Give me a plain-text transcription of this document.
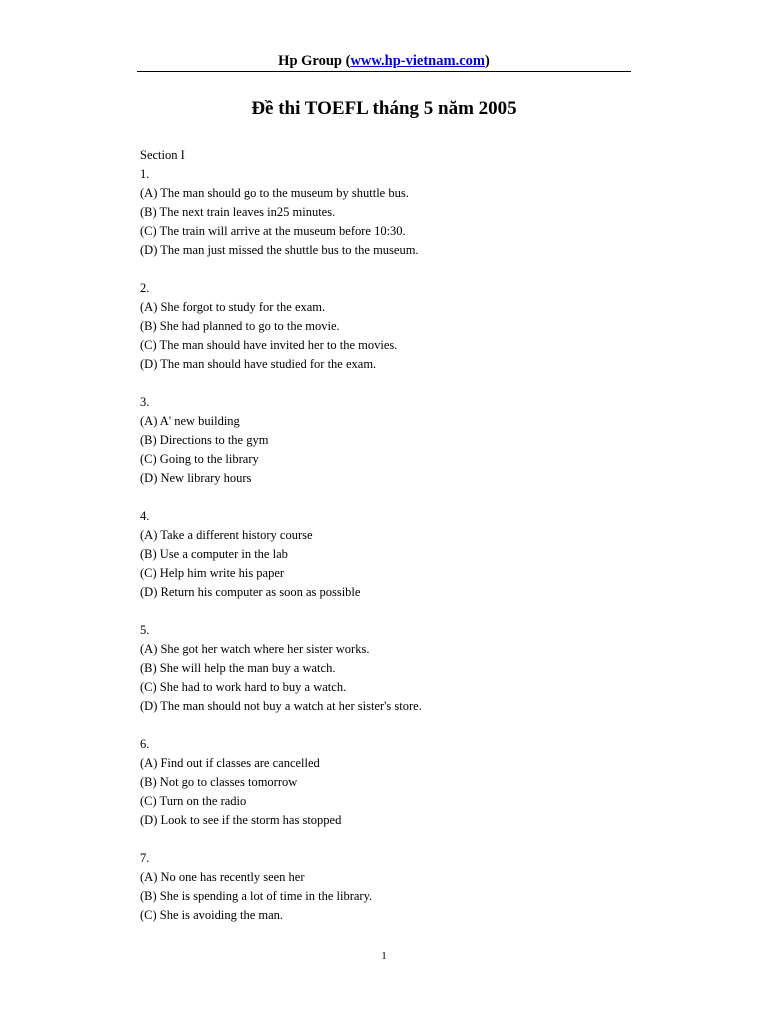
Hp Group (www.hp-vietnam.com)
Đề thi TOEFL tháng 5 năm 2005
Section I
1.
(A) The man should go to the museum by shuttle bus.
(B) The next train leaves in25 minutes.
(C) The train will arrive at the museum before 10:30.
(D) The man just missed the shuttle bus to the museum.
2.
(A) She forgot to study for the exam.
(B) She had planned to go to the movie.
(C) The man should have invited her to the movies.
(D) The man should have studied for the exam.
3.
(A) A' new building
(B) Directions to the gym
(C) Going to the library
(D) New library hours
4.
(A) Take a different history course
(B) Use a computer in the lab
(C) Help him write his paper
(D) Return his computer as soon as possible
5.
(A) She got her watch where her sister works.
(B) She will help the man buy a watch.
(C) She had to work hard to buy a watch.
(D) The man should not buy a watch at her sister's store.
6.
(A) Find out if classes are cancelled
(B) Not go to classes tomorrow
(C) Turn on the radio
(D) Look to see if the storm has stopped
7.
(A) No one has recently seen her
(B) She is spending a lot of time in the library.
(C) She is avoiding the man.
1
